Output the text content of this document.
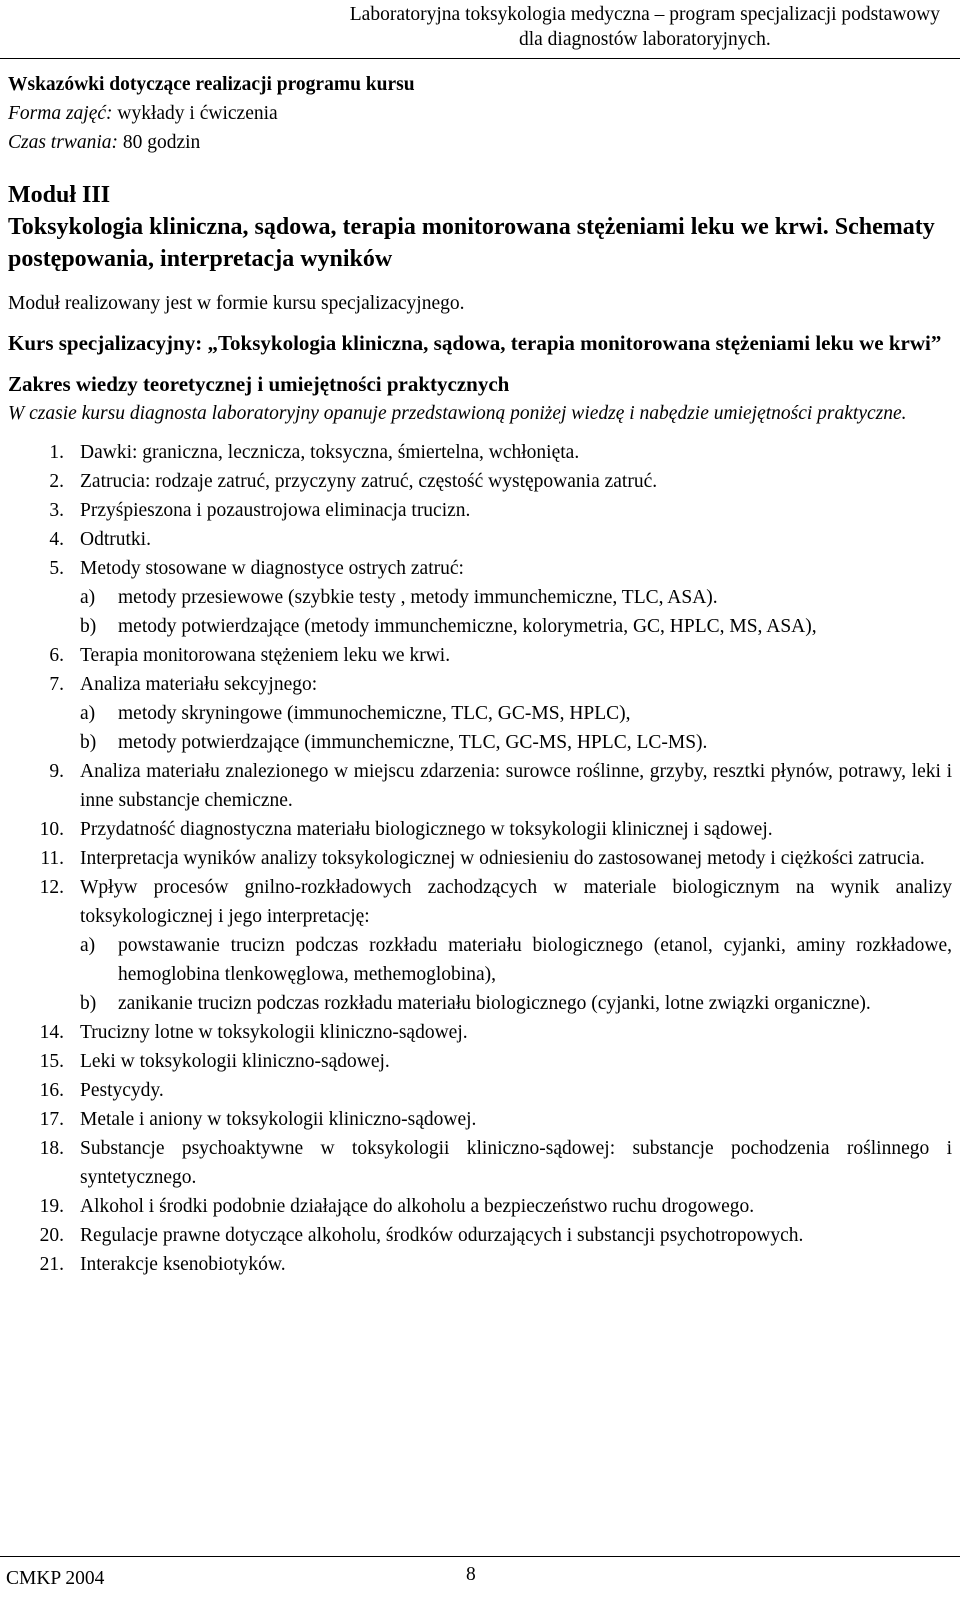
Laboratoryjna toksykologia medyczna – program specjalizacji podstawowy
dla diagnostów laboratoryjnych.

Wskazówki dotyczące realizacji programu kursu

Forma zajęć: wykłady i ćwiczenia

Czas trwania: 80 godzin

Moduł III
Toksykologia kliniczna, sądowa, terapia monitorowana stężeniami leku we krwi. Schematy postępowania, interpretacja wyników

Moduł realizowany jest w formie kursu specjalizacyjnego.

Kurs specjalizacyjny: „Toksykologia kliniczna, sądowa, terapia monitorowana stężeniami leku we krwi”

Zakres wiedzy teoretycznej i umiejętności praktycznych

W czasie kursu diagnosta laboratoryjny opanuje przedstawioną poniżej wiedzę i nabędzie umiejętności praktyczne.

1. Dawki: graniczna, lecznicza, toksyczna, śmiertelna, wchłonięta.
2. Zatrucia: rodzaje zatruć, przyczyny zatruć, częstość występowania zatruć.
3. Przyśpieszona i pozaustrojowa eliminacja trucizn.
4. Odtrutki.
5. Metody stosowane w diagnostyce ostrych zatruć:
a) metody przesiewowe (szybkie testy , metody immunchemiczne, TLC, ASA).
b) metody potwierdzające (metody immunchemiczne, kolorymetria, GC, HPLC, MS, ASA),
6. Terapia monitorowana stężeniem leku we krwi.
7. Analiza materiału sekcyjnego:
a) metody skryningowe (immunochemiczne, TLC, GC-MS, HPLC),
b) metody potwierdzające (immunchemiczne, TLC, GC-MS, HPLC, LC-MS).
9. Analiza materiału znalezionego w miejscu zdarzenia: surowce roślinne, grzyby, resztki płynów, potrawy, leki i inne substancje chemiczne.
10. Przydatność diagnostyczna materiału biologicznego w toksykologii klinicznej i sądowej.
11. Interpretacja wyników analizy toksykologicznej w odniesieniu do zastosowanej metody i ciężkości zatrucia.
12. Wpływ procesów gnilno-rozkładowych zachodzących w materiale biologicznym na wynik analizy toksykologicznej i jego interpretację:
a) powstawanie trucizn podczas rozkładu materiału biologicznego (etanol, cyjanki, aminy rozkładowe, hemoglobina tlenkowęglowa, methemoglobina),
b) zanikanie trucizn podczas rozkładu materiału biologicznego (cyjanki, lotne związki organiczne).
14. Trucizny lotne w toksykologii kliniczno-sądowej.
15. Leki w toksykologii kliniczno-sądowej.
16. Pestycydy.
17. Metale i aniony w toksykologii kliniczno-sądowej.
18. Substancje psychoaktywne w toksykologii kliniczno-sądowej: substancje pochodzenia roślinnego i syntetycznego.
19. Alkohol i środki podobnie działające do alkoholu a bezpieczeństwo ruchu drogowego.
20. Regulacje prawne dotyczące alkoholu, środków odurzających i substancji psychotropowych.
21. Interakcje ksenobiotyków.
CMKP 2004	8
